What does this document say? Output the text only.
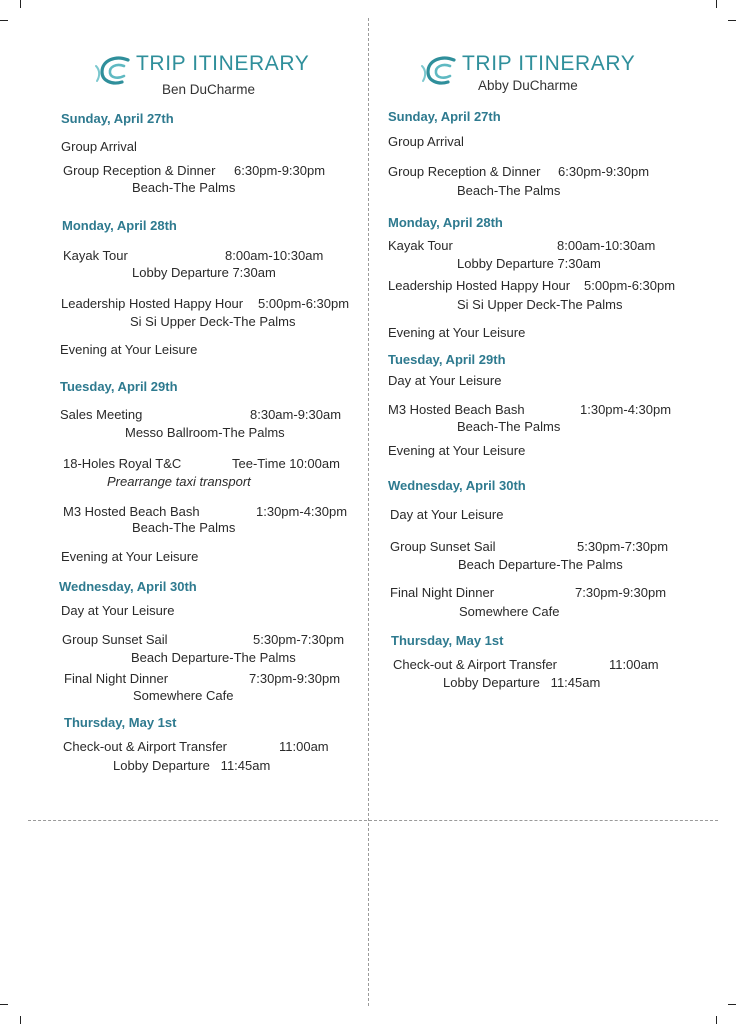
TRIP ITINERARY
Ben DuCharme
Sunday, April 27th
Group Arrival
Group Reception & Dinner 6:30pm-9:30pm
Beach-The Palms
Monday, April 28th
Kayak Tour	8:00am-10:30am
Lobby Departure 7:30am
Leadership Hosted Happy Hour 5:00pm-6:30pm
Si Si Upper Deck-The Palms
Evening at Your Leisure
Tuesday, April 29th
Sales Meeting	8:30am-9:30am
Messo Ballroom-The Palms
18-Holes Royal T&C	Tee-Time 10:00am
Prearrange taxi transport
M3 Hosted Beach Bash	1:30pm-4:30pm
Beach-The Palms
Evening at Your Leisure
Wednesday, April 30th
Day at Your Leisure
Group Sunset Sail	5:30pm-7:30pm
Beach Departure-The Palms
Final Night Dinner	7:30pm-9:30pm
Somewhere Cafe
Thursday, May 1st
Check-out & Airport Transfer	11:00am
Lobby Departure   11:45am
TRIP ITINERARY
Abby DuCharme
Sunday, April 27th
Group Arrival
Group Reception & Dinner 6:30pm-9:30pm
Beach-The Palms
Monday, April 28th
Kayak Tour	8:00am-10:30am
Lobby Departure 7:30am
Leadership Hosted Happy Hour 5:00pm-6:30pm
Si Si Upper Deck-The Palms
Evening at Your Leisure
Tuesday, April 29th
Day at Your Leisure
M3 Hosted Beach Bash	1:30pm-4:30pm
Beach-The Palms
Evening at Your Leisure
Wednesday, April 30th
Day at Your Leisure
Group Sunset Sail	5:30pm-7:30pm
Beach Departure-The Palms
Final Night Dinner	7:30pm-9:30pm
Somewhere Cafe
Thursday, May 1st
Check-out & Airport Transfer	11:00am
Lobby Departure   11:45am
